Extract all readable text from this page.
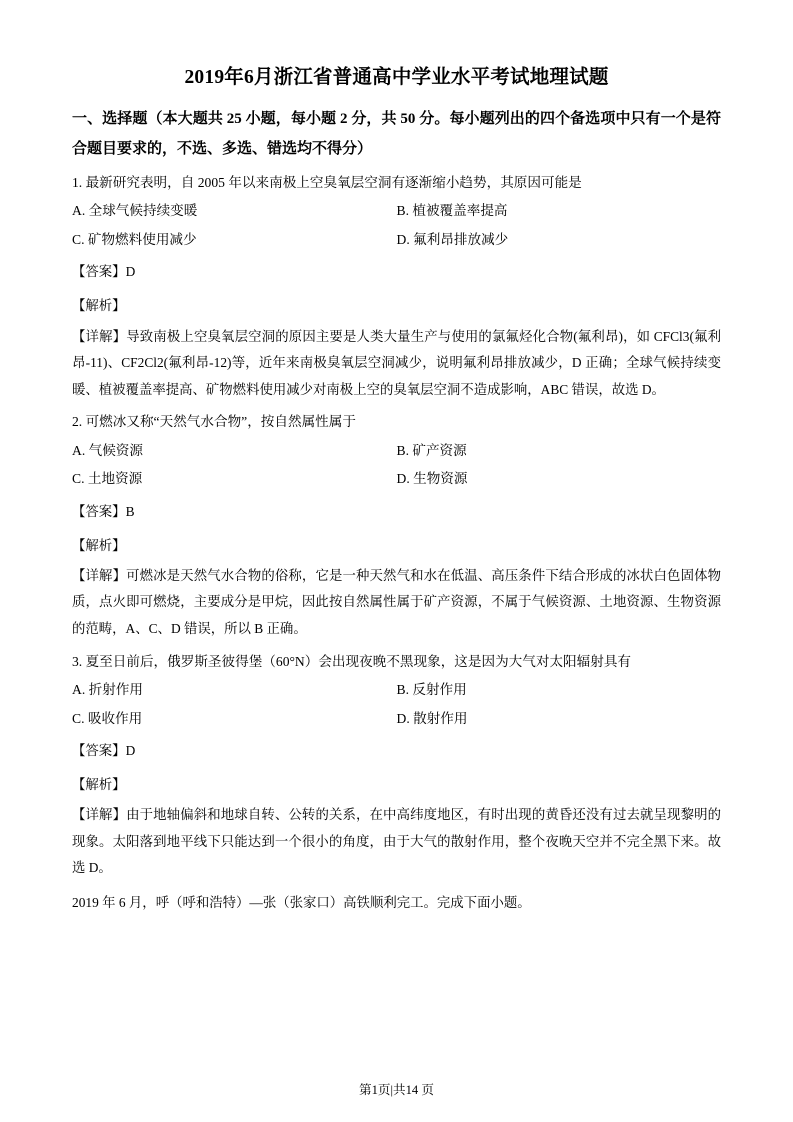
2019年6月浙江省普通高中学业水平考试地理试题
一、选择题（本大题共 25 小题，每小题 2 分，共 50 分。每小题列出的四个备选项中只有一个是符合题目要求的，不选、多选、错选均不得分）
1. 最新研究表明，自 2005 年以来南极上空臭氧层空洞有逐渐缩小趋势，其原因可能是
A. 全球气候持续变暖	B. 植被覆盖率提高
C. 矿物燃料使用减少	D. 氟利昂排放减少
【答案】D
【解析】
【详解】导致南极上空臭氧层空洞的原因主要是人类大量生产与使用的氯氟烃化合物(氟利昂)，如 CFCl3(氟利昂-11)、CF2Cl2(氟利昂-12)等，近年来南极臭氧层空洞减少，说明氟利昂排放减少，D 正确；全球气候持续变暖、植被覆盖率提高、矿物燃料使用减少对南极上空的臭氧层空洞不造成影响，ABC 错误，故选 D。
2. 可燃冰又称“天然气水合物”，按自然属性属于
A. 气候资源	B. 矿产资源
C. 土地资源	D. 生物资源
【答案】B
【解析】
【详解】可燃冰是天然气水合物的俗称，它是一种天然气和水在低温、高压条件下结合形成的冰状白色固体物质，点火即可燃烧，主要成分是甲烷，因此按自然属性属于矿产资源，不属于气候资源、土地资源、生物资源的范畴，A、C、D 错误，所以 B 正确。
3. 夏至日前后，俄罗斯圣彼得堡（60°N）会出现夜晚不黑现象，这是因为大气对太阳辐射具有
A. 折射作用	B. 反射作用
C. 吸收作用	D. 散射作用
【答案】D
【解析】
【详解】由于地轴偏斜和地球自转、公转的关系，在中高纬度地区，有时出现的黄昏还没有过去就呈现黎明的现象。太阳落到地平线下只能达到一个很小的角度，由于大气的散射作用，整个夜晚天空并不完全黑下来。故选 D。
2019 年 6 月，呼（呼和浩特）—张（张家口）高铁顺利完工。完成下面小题。
第1页|共14 页
